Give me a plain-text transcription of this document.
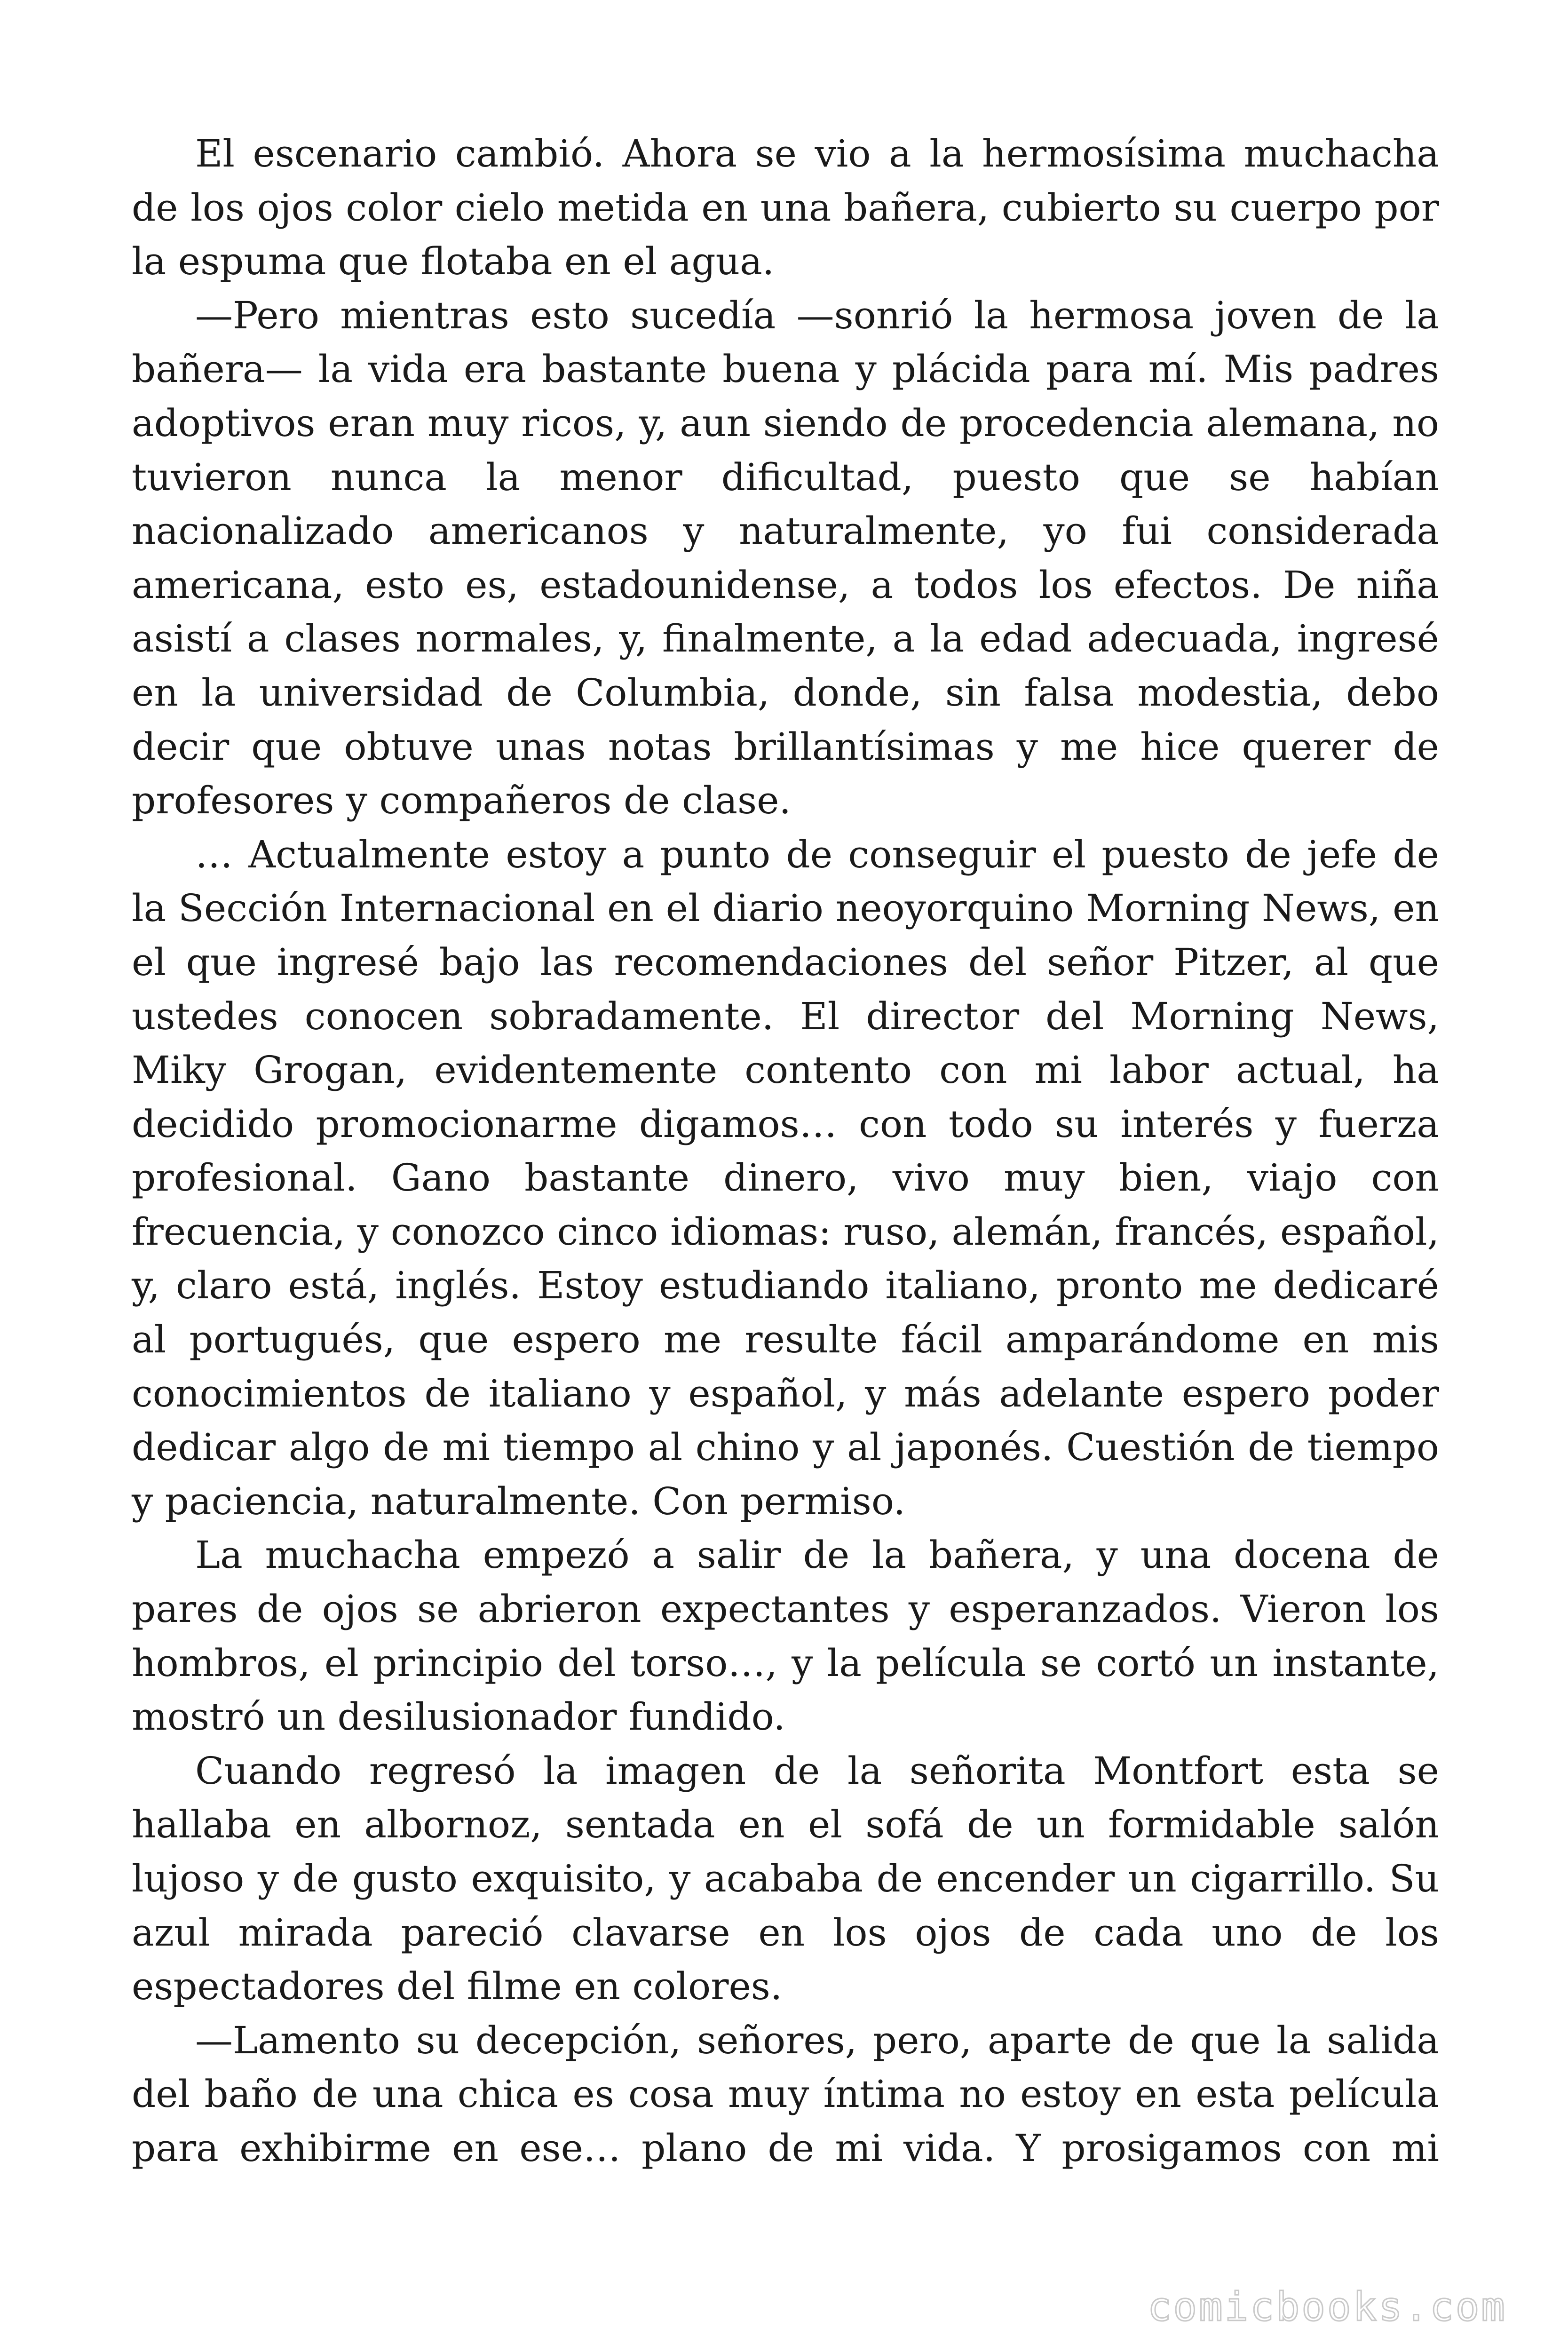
El escenario cambió. Ahora se vio a la hermosísima muchacha de los ojos color cielo metida en una bañera, cubierto su cuerpo por la espuma que flotaba en el agua.

—Pero mientras esto sucedía —sonrió la hermosa joven de la bañera— la vida era bastante buena y plácida para mí. Mis padres adoptivos eran muy ricos, y, aun siendo de procedencia alemana, no tuvieron nunca la menor dificultad, puesto que se habían nacionalizado americanos y naturalmente, yo fui considerada americana, esto es, estadounidense, a todos los efectos. De niña asistí a clases normales, y, finalmente, a la edad adecuada, ingresé en la universidad de Columbia, donde, sin falsa modestia, debo decir que obtuve unas notas brillantísimas y me hice querer de profesores y compañeros de clase.

… Actualmente estoy a punto de conseguir el puesto de jefe de la Sección Internacional en el diario neoyorquino Morning News, en el que ingresé bajo las recomendaciones del señor Pitzer, al que ustedes conocen sobradamente. El director del Morning News, Miky Grogan, evidentemente contento con mi labor actual, ha decidido promocionarme digamos… con todo su interés y fuerza profesional. Gano bastante dinero, vivo muy bien, viajo con frecuencia, y conozco cinco idiomas: ruso, alemán, francés, español, y, claro está, inglés. Estoy estudiando italiano, pronto me dedicaré al portugués, que espero me resulte fácil amparándome en mis conocimientos de italiano y español, y más adelante espero poder dedicar algo de mi tiempo al chino y al japonés. Cuestión de tiempo y paciencia, naturalmente. Con permiso.

La muchacha empezó a salir de la bañera, y una docena de pares de ojos se abrieron expectantes y esperanzados. Vieron los hombros, el principio del torso…, y la película se cortó un instante, mostró un desilusionador fundido.

Cuando regresó la imagen de la señorita Montfort esta se hallaba en albornoz, sentada en el sofá de un formidable salón lujoso y de gusto exquisito, y acababa de encender un cigarrillo. Su azul mirada pareció clavarse en los ojos de cada uno de los espectadores del filme en colores.

—Lamento su decepción, señores, pero, aparte de que la salida del baño de una chica es cosa muy íntima no estoy en esta película para exhibirme en ese… plano de mi vida. Y prosigamos con mi

comicbooks.com
